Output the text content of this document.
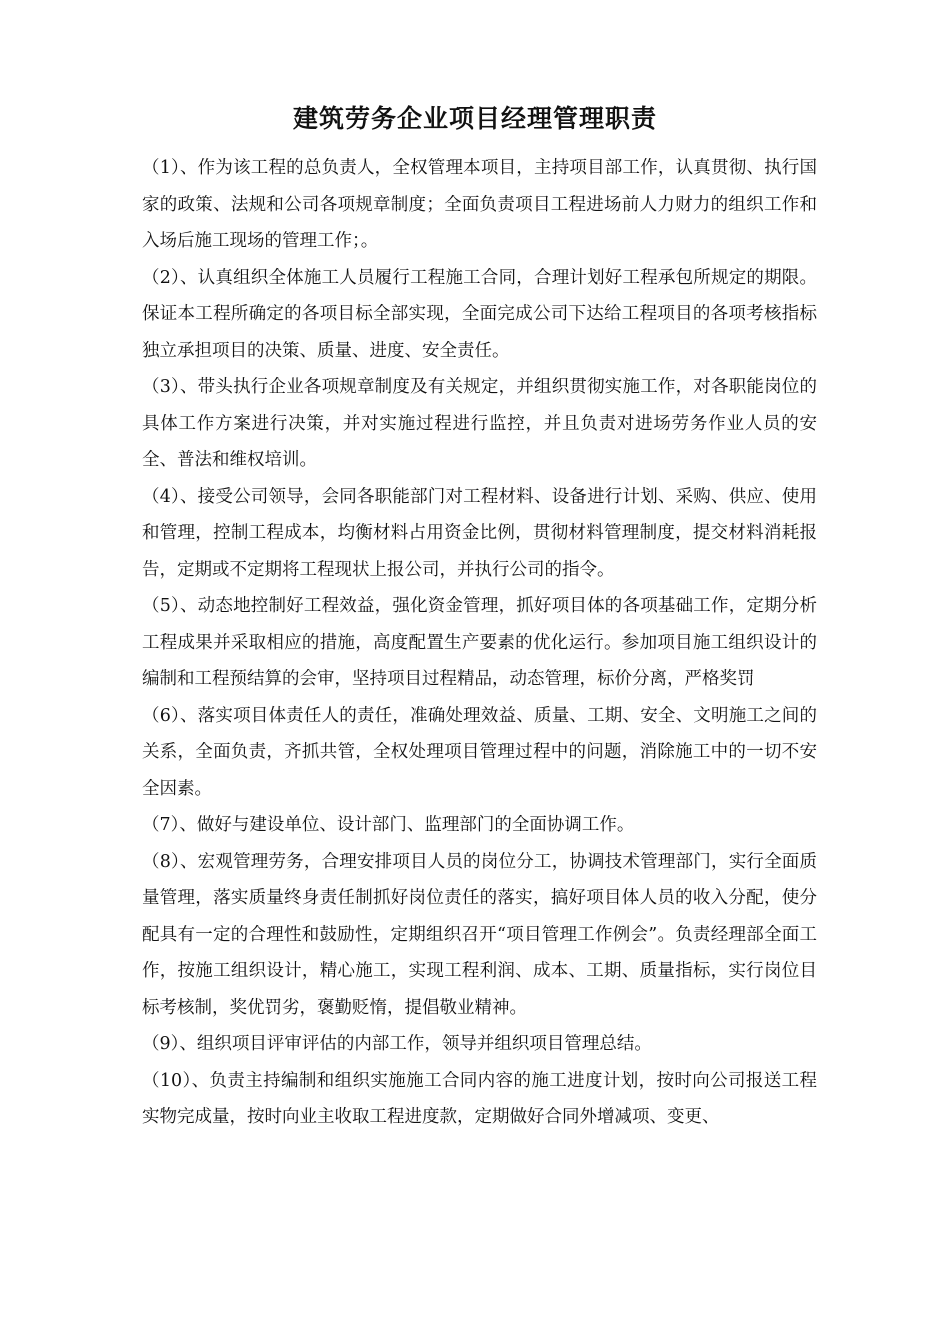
建筑劳务企业项目经理管理职责

（1）、作为该工程的总负责人，全权管理本项目，主持项目部工作，认真贯彻、执行国家的政策、法规和公司各项规章制度；全面负责项目工程进场前人力财力的组织工作和入场后施工现场的管理工作；。

（2）、认真组织全体施工人员履行工程施工合同，合理计划好工程承包所规定的期限。保证本工程所确定的各项目标全部实现，全面完成公司下达给工程项目的各项考核指标 独立承担项目的决策、质量、进度、安全责任。

（3）、带头执行企业各项规章制度及有关规定，并组织贯彻实施工作，对各职能岗位的具体工作方案进行决策，并对实施过程进行监控，并且负责对进场劳务作业人员的安全、普法和维权培训。

（4）、接受公司领导，会同各职能部门对工程材料、设备进行计划、采购、供应、使用和管理，控制工程成本，均衡材料占用资金比例，贯彻材料管理制度，提交材料消耗报告，定期或不定期将工程现状上报公司，并执行公司的指令。

（5）、动态地控制好工程效益，强化资金管理，抓好项目体的各项基础工作，定期分析工程成果并采取相应的措施，高度配置生产要素的优化运行。参加项目施工组织设计的编制和工程预结算的会审，坚持项目过程精品，动态管理，标价分离，严格奖罚

（6）、落实项目体责任人的责任，准确处理效益、质量、工期、安全、文明施工之间的关系，全面负责，齐抓共管，全权处理项目管理过程中的问题，消除施工中的一切不安全因素。

（7）、做好与建设单位、设计部门、监理部门的全面协调工作。

（8）、宏观管理劳务，合理安排项目人员的岗位分工，协调技术管理部门，实行全面质量管理，落实质量终身责任制抓好岗位责任的落实，搞好项目体人员的收入分配，使分配具有一定的合理性和鼓励性，定期组织召开“项目管理工作例会”。负责经理部全面工作，按施工组织设计，精心施工，实现工程利润、成本、工期、质量指标，实行岗位目标考核制，奖优罚劣，褒勤贬惰，提倡敬业精神。

（9）、组织项目评审评估的内部工作，领导并组织项目管理总结。

（10）、负责主持编制和组织实施施工合同内容的施工进度计划，按时向公司报送工程实物完成量，按时向业主收取工程进度款，定期做好合同外增减项、变更、
